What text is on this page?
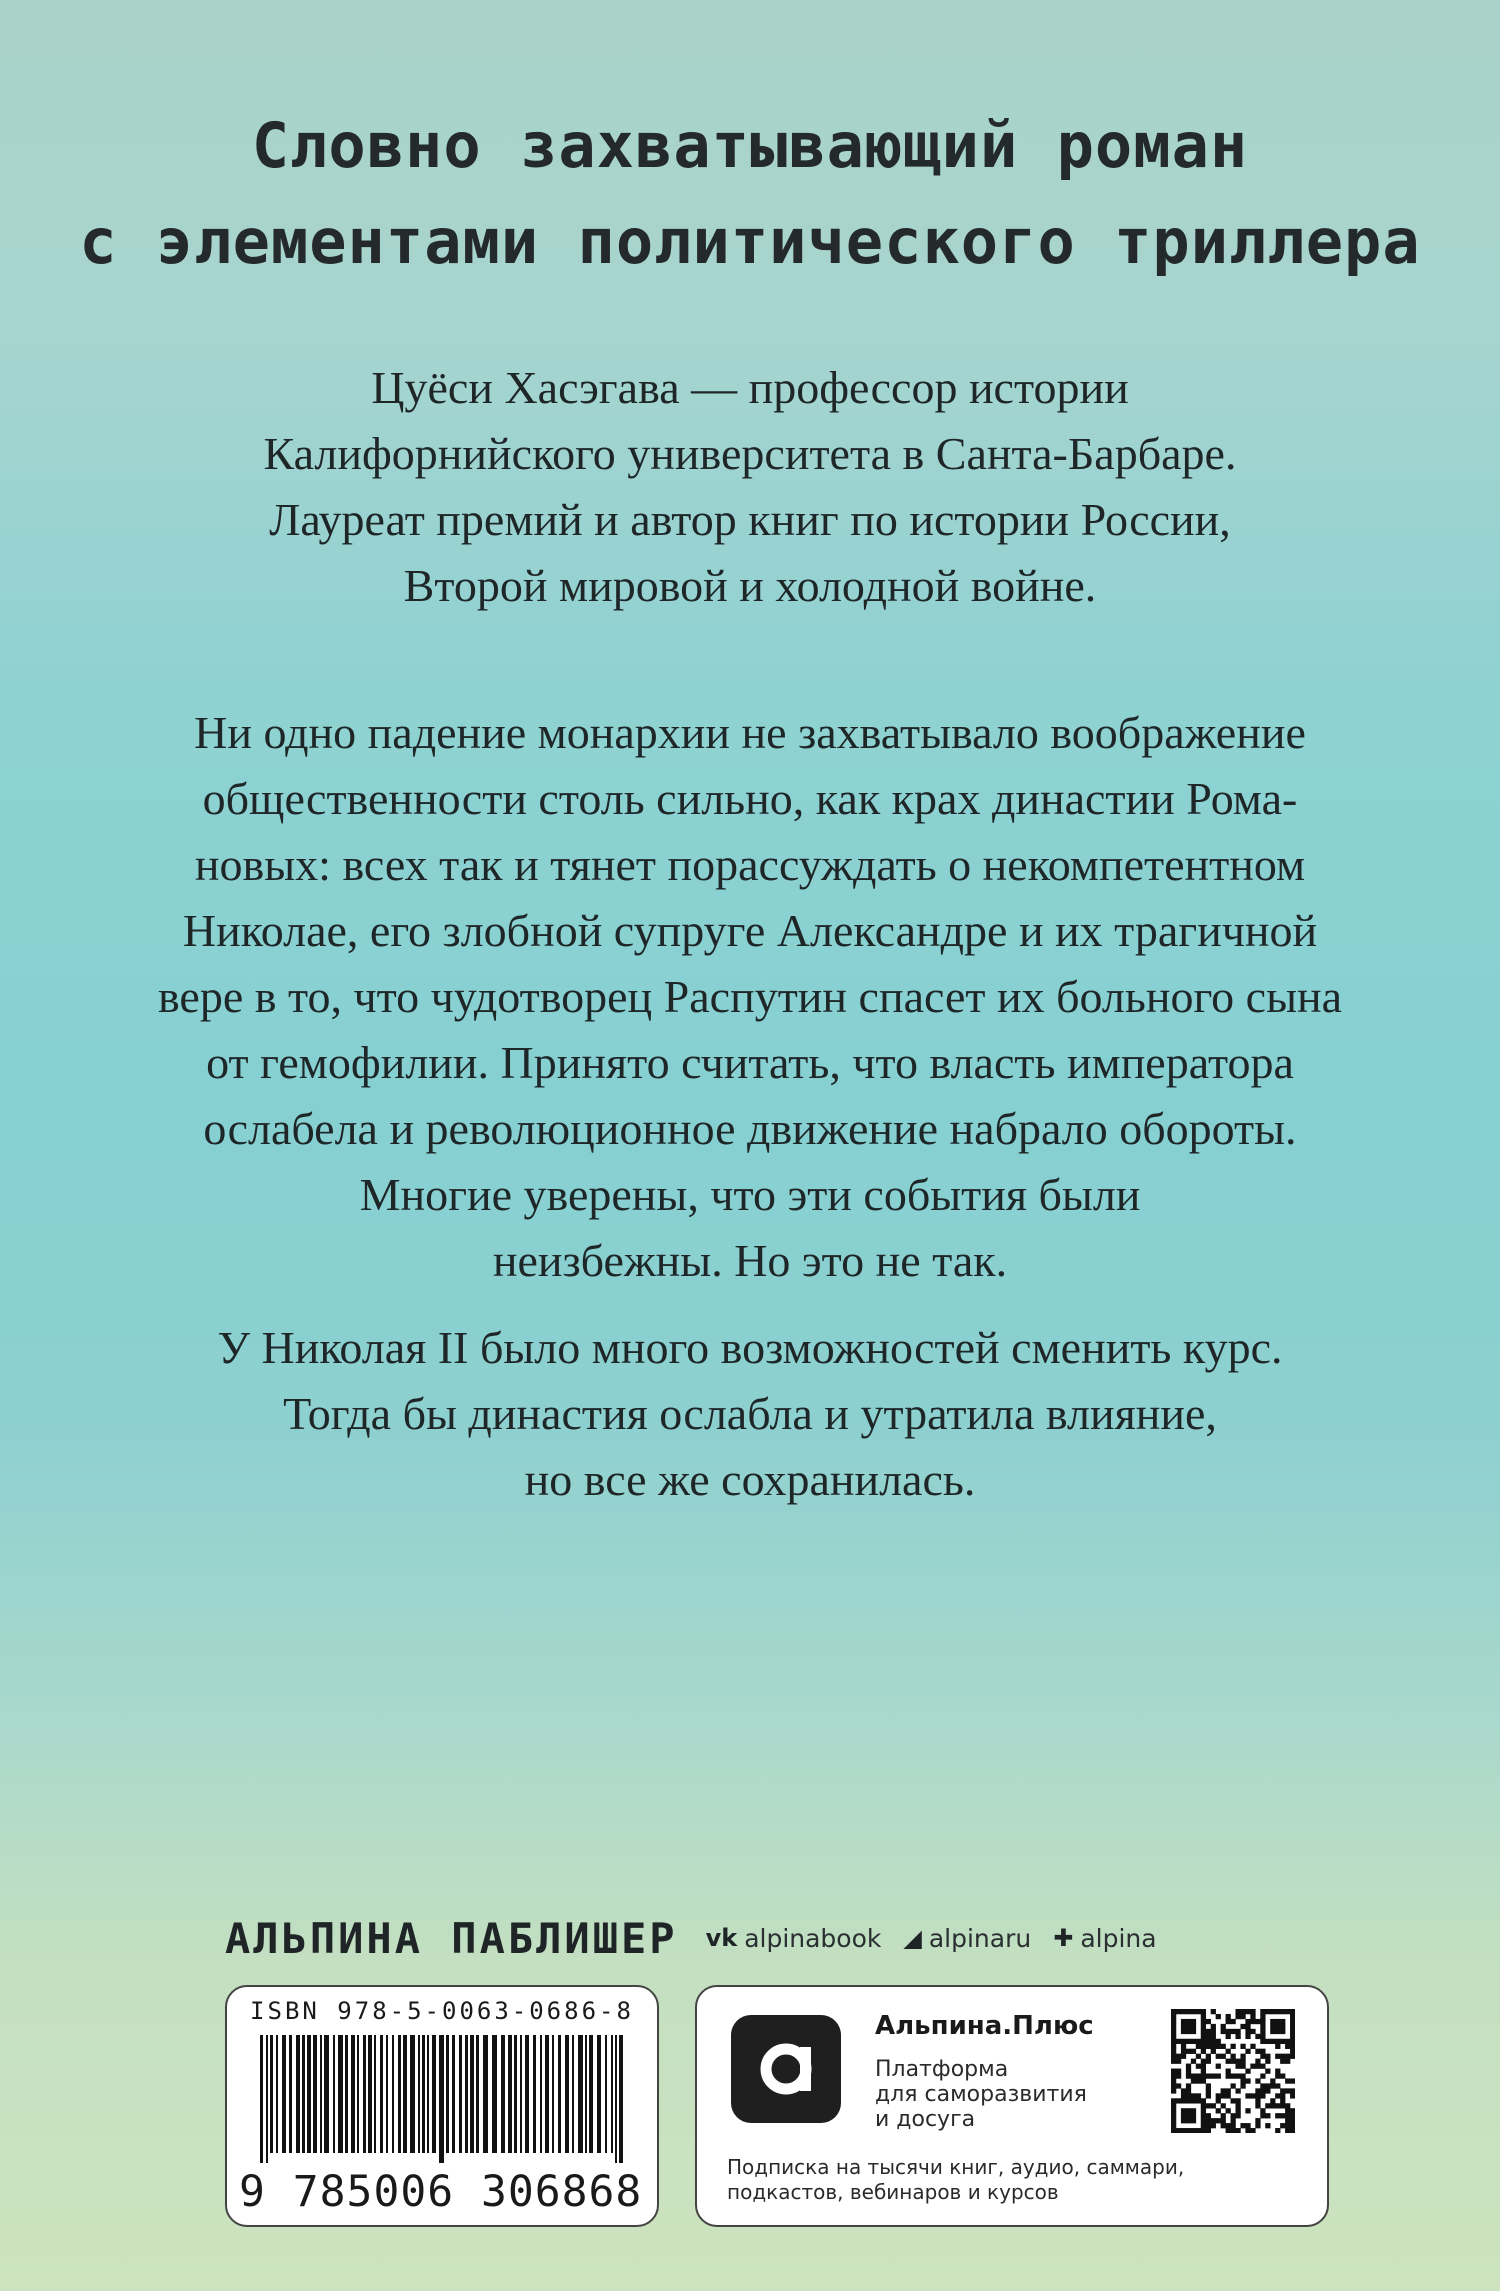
Словно захватывающий роман
с элементами политического триллера
Цуёси Хасэгава — профессор истории
Калифорнийского университета в Санта-Барбаре.
Лауреат премий и автор книг по истории России,
Второй мировой и холодной войне.
Ни одно падение монархии не захватывало воображение
общественности столь сильно, как крах династии Рома-
новых: всех так и тянет порассуждать о некомпетентном
Николае, его злобной супруге Александре и их трагичной
вере в то, что чудотворец Распутин спасет их больного сына
от гемофилии. Принято считать, что власть императора
ослабела и революционное движение набрало обороты.
Многие уверены, что эти события были
неизбежны. Но это не так.
У Николая II было много возможностей сменить курс.
Тогда бы династия ослабла и утратила влияние,
но все же сохранилась.
АЛЬПИНА ПАБЛИШЕР vk alpinabook ◢ alpinaru ✚ alpina
ISBN 978-5-0063-0686-8
9 785006 306868
Альпина.Плюс
Платформа
для саморазвития
и досуга
Подписка на тысячи книг, аудио, саммари,
подкастов, вебинаров и курсов
